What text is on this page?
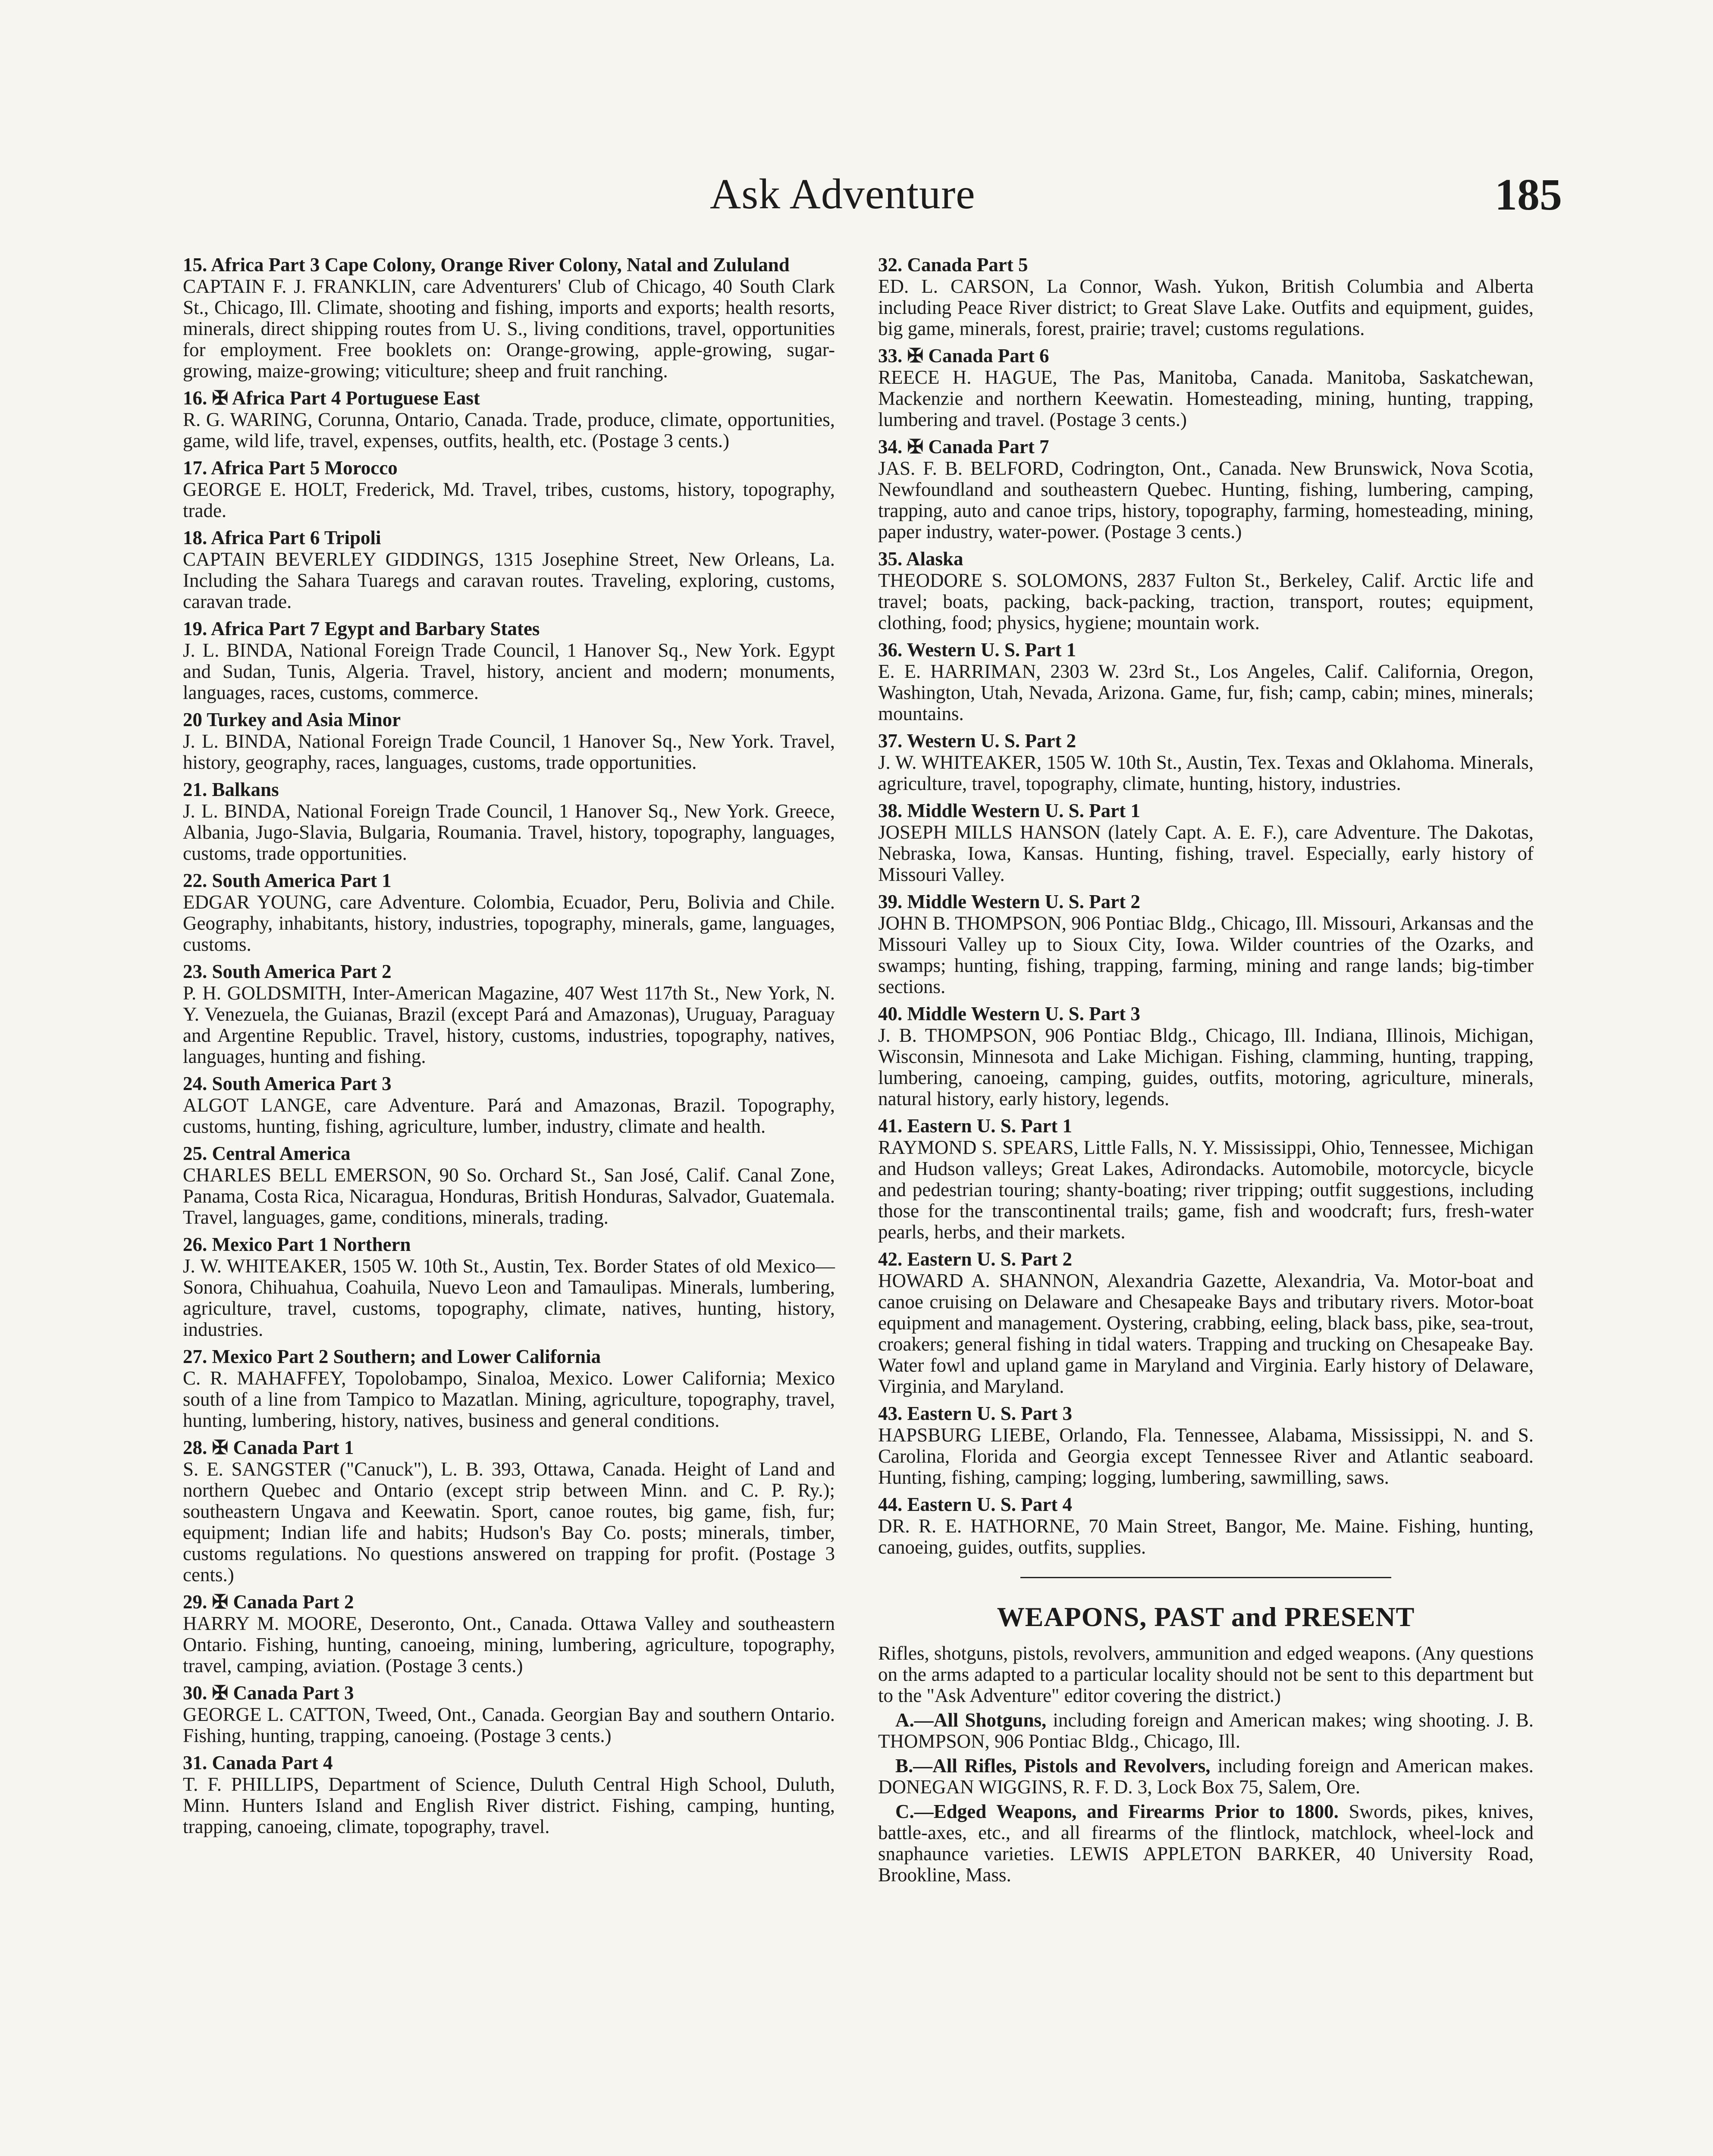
Ask Adventure	185
15. Africa Part 3 Cape Colony, Orange River Colony, Natal and Zululand
CAPTAIN F. J. FRANKLIN, care Adventurers' Club of Chicago, 40 South Clark St., Chicago, Ill. Climate, shooting and fishing, imports and exports; health resorts, minerals, direct shipping routes from U. S., living conditions, travel, opportunities for employment. Free booklets on: Orange-growing, apple-growing, sugar-growing, maize-growing; viticulture; sheep and fruit ranching.
16. ✠ Africa Part 4 Portuguese East
R. G. WARING, Corunna, Ontario, Canada. Trade, produce, climate, opportunities, game, wild life, travel, expenses, outfits, health, etc. (Postage 3 cents.)
17. Africa Part 5 Morocco
GEORGE E. HOLT, Frederick, Md. Travel, tribes, customs, history, topography, trade.
18. Africa Part 6 Tripoli
CAPTAIN BEVERLEY GIDDINGS, 1315 Josephine Street, New Orleans, La. Including the Sahara Tuaregs and caravan routes. Traveling, exploring, customs, caravan trade.
19. Africa Part 7 Egypt and Barbary States
J. L. BINDA, National Foreign Trade Council, 1 Hanover Sq., New York. Egypt and Sudan, Tunis, Algeria. Travel, history, ancient and modern; monuments, languages, races, customs, commerce.
20 Turkey and Asia Minor
J. L. BINDA, National Foreign Trade Council, 1 Hanover Sq., New York. Travel, history, geography, races, languages, customs, trade opportunities.
21. Balkans
J. L. BINDA, National Foreign Trade Council, 1 Hanover Sq., New York. Greece, Albania, Jugo-Slavia, Bulgaria, Roumania. Travel, history, topography, languages, customs, trade opportunities.
22. South America Part 1
EDGAR YOUNG, care Adventure. Colombia, Ecuador, Peru, Bolivia and Chile. Geography, inhabitants, history, industries, topography, minerals, game, languages, customs.
23. South America Part 2
P. H. GOLDSMITH, Inter-American Magazine, 407 West 117th St., New York, N. Y. Venezuela, the Guianas, Brazil (except Pará and Amazonas), Uruguay, Paraguay and Argentine Republic. Travel, history, customs, industries, topography, natives, languages, hunting and fishing.
24. South America Part 3
ALGOT LANGE, care Adventure. Pará and Amazonas, Brazil. Topography, customs, hunting, fishing, agriculture, lumber, industry, climate and health.
25. Central America
CHARLES BELL EMERSON, 90 So. Orchard St., San José, Calif. Canal Zone, Panama, Costa Rica, Nicaragua, Honduras, British Honduras, Salvador, Guatemala. Travel, languages, game, conditions, minerals, trading.
26. Mexico Part 1 Northern
J. W. WHITEAKER, 1505 W. 10th St., Austin, Tex. Border States of old Mexico—Sonora, Chihuahua, Coahuila, Nuevo Leon and Tamaulipas. Minerals, lumbering, agriculture, travel, customs, topography, climate, natives, hunting, history, industries.
27. Mexico Part 2 Southern; and Lower California
C. R. MAHAFFEY, Topolobampo, Sinaloa, Mexico. Lower California; Mexico south of a line from Tampico to Mazatlan. Mining, agriculture, topography, travel, hunting, lumbering, history, natives, business and general conditions.
28. ✠ Canada Part 1
S. E. SANGSTER ("Canuck"), L. B. 393, Ottawa, Canada. Height of Land and northern Quebec and Ontario (except strip between Minn. and C. P. Ry.); southeastern Ungava and Keewatin. Sport, canoe routes, big game, fish, fur; equipment; Indian life and habits; Hudson's Bay Co. posts; minerals, timber, customs regulations. No questions answered on trapping for profit. (Postage 3 cents.)
29. ✠ Canada Part 2
HARRY M. MOORE, Deseronto, Ont., Canada. Ottawa Valley and southeastern Ontario. Fishing, hunting, canoeing, mining, lumbering, agriculture, topography, travel, camping, aviation. (Postage 3 cents.)
30. ✠ Canada Part 3
GEORGE L. CATTON, Tweed, Ont., Canada. Georgian Bay and southern Ontario. Fishing, hunting, trapping, canoeing. (Postage 3 cents.)
31. Canada Part 4
T. F. PHILLIPS, Department of Science, Duluth Central High School, Duluth, Minn. Hunters Island and English River district. Fishing, camping, hunting, trapping, canoeing, climate, topography, travel.
32. Canada Part 5
ED. L. CARSON, La Connor, Wash. Yukon, British Columbia and Alberta including Peace River district; to Great Slave Lake. Outfits and equipment, guides, big game, minerals, forest, prairie; travel; customs regulations.
33. ✠ Canada Part 6
REECE H. HAGUE, The Pas, Manitoba, Canada. Manitoba, Saskatchewan, Mackenzie and northern Keewatin. Homesteading, mining, hunting, trapping, lumbering and travel. (Postage 3 cents.)
34. ✠ Canada Part 7
JAS. F. B. BELFORD, Codrington, Ont., Canada. New Brunswick, Nova Scotia, Newfoundland and southeastern Quebec. Hunting, fishing, lumbering, camping, trapping, auto and canoe trips, history, topography, farming, homesteading, mining, paper industry, water-power. (Postage 3 cents.)
35. Alaska
THEODORE S. SOLOMONS, 2837 Fulton St., Berkeley, Calif. Arctic life and travel; boats, packing, back-packing, traction, transport, routes; equipment, clothing, food; physics, hygiene; mountain work.
36. Western U. S. Part 1
E. E. HARRIMAN, 2303 W. 23rd St., Los Angeles, Calif. California, Oregon, Washington, Utah, Nevada, Arizona. Game, fur, fish; camp, cabin; mines, minerals; mountains.
37. Western U. S. Part 2
J. W. WHITEAKER, 1505 W. 10th St., Austin, Tex. Texas and Oklahoma. Minerals, agriculture, travel, topography, climate, hunting, history, industries.
38. Middle Western U. S. Part 1
JOSEPH MILLS HANSON (lately Capt. A. E. F.), care Adventure. The Dakotas, Nebraska, Iowa, Kansas. Hunting, fishing, travel. Especially, early history of Missouri Valley.
39. Middle Western U. S. Part 2
JOHN B. THOMPSON, 906 Pontiac Bldg., Chicago, Ill. Missouri, Arkansas and the Missouri Valley up to Sioux City, Iowa. Wilder countries of the Ozarks, and swamps; hunting, fishing, trapping, farming, mining and range lands; big-timber sections.
40. Middle Western U. S. Part 3
J. B. THOMPSON, 906 Pontiac Bldg., Chicago, Ill. Indiana, Illinois, Michigan, Wisconsin, Minnesota and Lake Michigan. Fishing, clamming, hunting, trapping, lumbering, canoeing, camping, guides, outfits, motoring, agriculture, minerals, natural history, early history, legends.
41. Eastern U. S. Part 1
RAYMOND S. SPEARS, Little Falls, N. Y. Mississippi, Ohio, Tennessee, Michigan and Hudson valleys; Great Lakes, Adirondacks. Automobile, motorcycle, bicycle and pedestrian touring; shanty-boating; river tripping; outfit suggestions, including those for the transcontinental trails; game, fish and woodcraft; furs, fresh-water pearls, herbs, and their markets.
42. Eastern U. S. Part 2
HOWARD A. SHANNON, Alexandria Gazette, Alexandria, Va. Motor-boat and canoe cruising on Delaware and Chesapeake Bays and tributary rivers. Motor-boat equipment and management. Oystering, crabbing, eeling, black bass, pike, sea-trout, croakers; general fishing in tidal waters. Trapping and trucking on Chesapeake Bay. Water fowl and upland game in Maryland and Virginia. Early history of Delaware, Virginia, and Maryland.
43. Eastern U. S. Part 3
HAPSBURG LIEBE, Orlando, Fla. Tennessee, Alabama, Mississippi, N. and S. Carolina, Florida and Georgia except Tennessee River and Atlantic seaboard. Hunting, fishing, camping; logging, lumbering, sawmilling, saws.
44. Eastern U. S. Part 4
DR. R. E. HATHORNE, 70 Main Street, Bangor, Me. Maine. Fishing, hunting, canoeing, guides, outfits, supplies.
WEAPONS, PAST and PRESENT
Rifles, shotguns, pistols, revolvers, ammunition and edged weapons. (Any questions on the arms adapted to a particular locality should not be sent to this department but to the "Ask Adventure" editor covering the district.)
A.—All Shotguns, including foreign and American makes; wing shooting. J. B. THOMPSON, 906 Pontiac Bldg., Chicago, Ill.
B.—All Rifles, Pistols and Revolvers, including foreign and American makes. DONEGAN WIGGINS, R. F. D. 3, Lock Box 75, Salem, Ore.
C.—Edged Weapons, and Firearms Prior to 1800. Swords, pikes, knives, battle-axes, etc., and all firearms of the flintlock, matchlock, wheel-lock and snaphaunce varieties. LEWIS APPLETON BARKER, 40 University Road, Brookline, Mass.
